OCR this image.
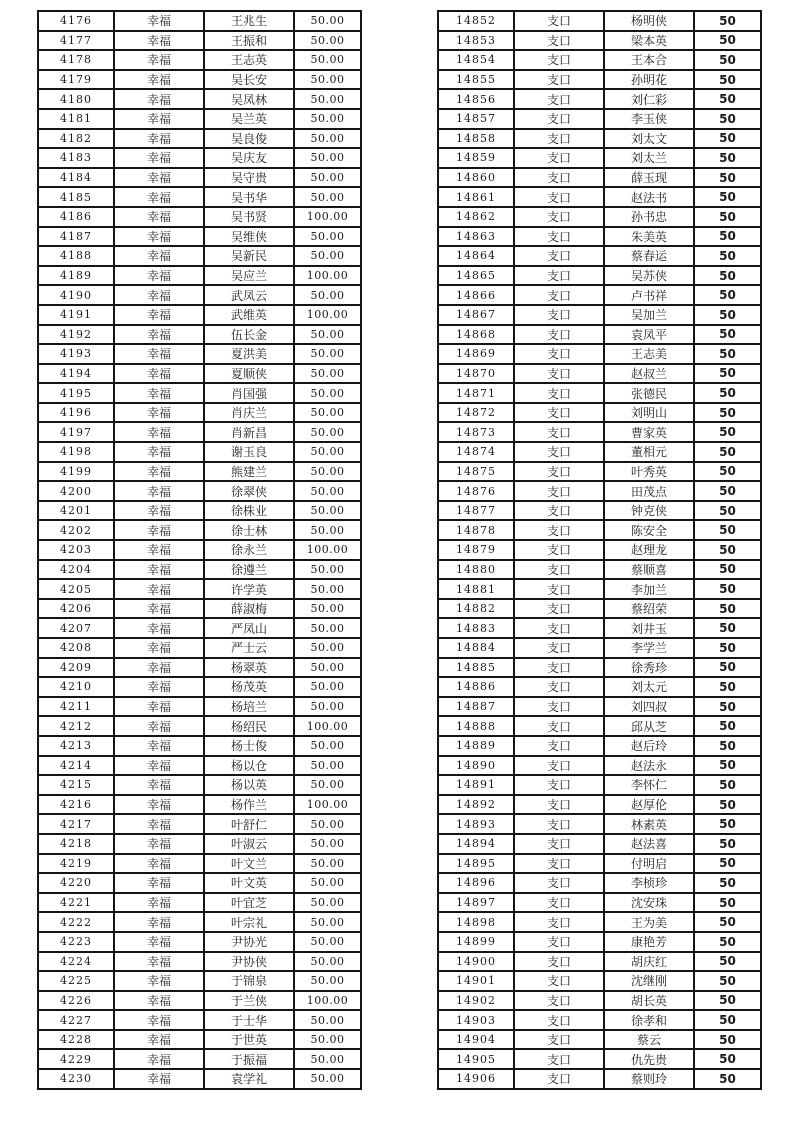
4176	幸福	王兆生	50.00
4177	幸福	王振和	50.00
4178	幸福	王志英	50.00
4179	幸福	吴长安	50.00
4180	幸福	吴凤林	50.00
4181	幸福	吴兰英	50.00
4182	幸福	吴良俊	50.00
4183	幸福	吴庆友	50.00
4184	幸福	吴守贵	50.00
4185	幸福	吴书华	50.00
4186	幸福	吴书贤	100.00
4187	幸福	吴维侠	50.00
4188	幸福	吴新民	50.00
4189	幸福	吴应兰	100.00
4190	幸福	武凤云	50.00
4191	幸福	武维英	100.00
4192	幸福	伍长金	50.00
4193	幸福	夏洪美	50.00
4194	幸福	夏顺侠	50.00
4195	幸福	肖国强	50.00
4196	幸福	肖庆兰	50.00
4197	幸福	肖新昌	50.00
4198	幸福	谢玉良	50.00
4199	幸福	熊建兰	50.00
4200	幸福	徐翠侠	50.00
4201	幸福	徐株业	50.00
4202	幸福	徐士林	50.00
4203	幸福	徐永兰	100.00
4204	幸福	徐遵兰	50.00
4205	幸福	许学英	50.00
4206	幸福	薛淑梅	50.00
4207	幸福	严凤山	50.00
4208	幸福	严士云	50.00
4209	幸福	杨翠英	50.00
4210	幸福	杨茂英	50.00
4211	幸福	杨培兰	50.00
4212	幸福	杨绍民	100.00
4213	幸福	杨士俊	50.00
4214	幸福	杨以仓	50.00
4215	幸福	杨以英	50.00
4216	幸福	杨作兰	100.00
4217	幸福	叶舒仁	50.00
4218	幸福	叶淑云	50.00
4219	幸福	叶文兰	50.00
4220	幸福	叶文英	50.00
4221	幸福	叶宜芝	50.00
4222	幸福	叶宗礼	50.00
4223	幸福	尹协光	50.00
4224	幸福	尹协侠	50.00
4225	幸福	于锦泉	50.00
4226	幸福	于兰侠	100.00
4227	幸福	于士华	50.00
4228	幸福	于世英	50.00
4229	幸福	于振福	50.00
4230	幸福	袁学礼	50.00
14852	支口	杨明侠	50
14853	支口	梁本英	50
14854	支口	王本合	50
14855	支口	孙明花	50
14856	支口	刘仁彩	50
14857	支口	李玉侠	50
14858	支口	刘太文	50
14859	支口	刘太兰	50
14860	支口	薛玉现	50
14861	支口	赵法书	50
14862	支口	孙书忠	50
14863	支口	朱美英	50
14864	支口	蔡春运	50
14865	支口	吴苏侠	50
14866	支口	卢书祥	50
14867	支口	吴加兰	50
14868	支口	袁凤平	50
14869	支口	王志美	50
14870	支口	赵叔兰	50
14871	支口	张德民	50
14872	支口	刘明山	50
14873	支口	曹家英	50
14874	支口	董相元	50
14875	支口	叶秀英	50
14876	支口	田茂点	50
14877	支口	钟克侠	50
14878	支口	陈安全	50
14879	支口	赵理龙	50
14880	支口	蔡顺喜	50
14881	支口	李加兰	50
14882	支口	蔡绍荣	50
14883	支口	刘井玉	50
14884	支口	李学兰	50
14885	支口	徐秀珍	50
14886	支口	刘太元	50
14887	支口	刘四叔	50
14888	支口	邱从芝	50
14889	支口	赵后玲	50
14890	支口	赵法永	50
14891	支口	李怀仁	50
14892	支口	赵厚伦	50
14893	支口	林素英	50
14894	支口	赵法喜	50
14895	支口	付明启	50
14896	支口	李桢珍	50
14897	支口	沈安珠	50
14898	支口	王为美	50
14899	支口	康艳芳	50
14900	支口	胡庆红	50
14901	支口	沈继刚	50
14902	支口	胡长英	50
14903	支口	徐孝和	50
14904	支口	蔡云	50
14905	支口	仇先贵	50
14906	支口	蔡则玲	50
